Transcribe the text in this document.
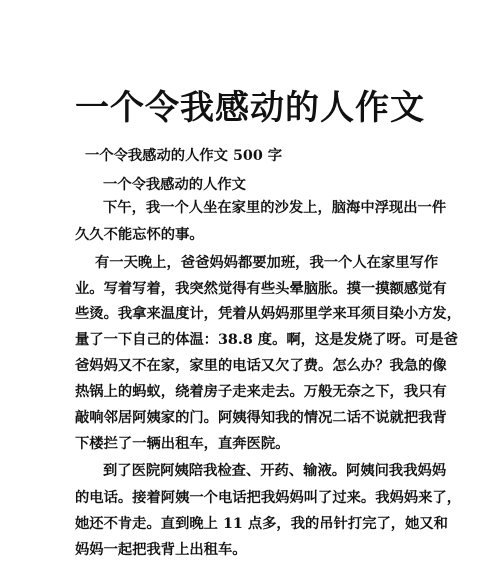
一个令我感动的人作文
一个令我感动的人作文 500 字
一个令我感动的人作文
下午，我一个人坐在家里的沙发上，脑海中浮现出一件
久久不能忘怀的事。
有一天晚上，爸爸妈妈都要加班，我一个人在家里写作
业。写着写着，我突然觉得有些头晕脑胀。摸一摸额感觉有
些烫。我拿来温度计，凭着从妈妈那里学来耳须目染小方发，
量了一下自己的体温：38.8 度。啊，这是发烧了呀。可是爸
爸妈妈又不在家，家里的电话又欠了费。怎么办？我急的像
热锅上的蚂蚁，绕着房子走来走去。万般无奈之下，我只有
敲响邻居阿姨家的门。阿姨得知我的情况二话不说就把我背
下楼拦了一辆出租车，直奔医院。
到了医院阿姨陪我检查、开药、输液。阿姨问我我妈妈
的电话。接着阿姨一个电话把我妈妈叫了过来。我妈妈来了，
她还不肯走。直到晚上 11 点多，我的吊针打完了，她又和
妈妈一起把我背上出租车。
